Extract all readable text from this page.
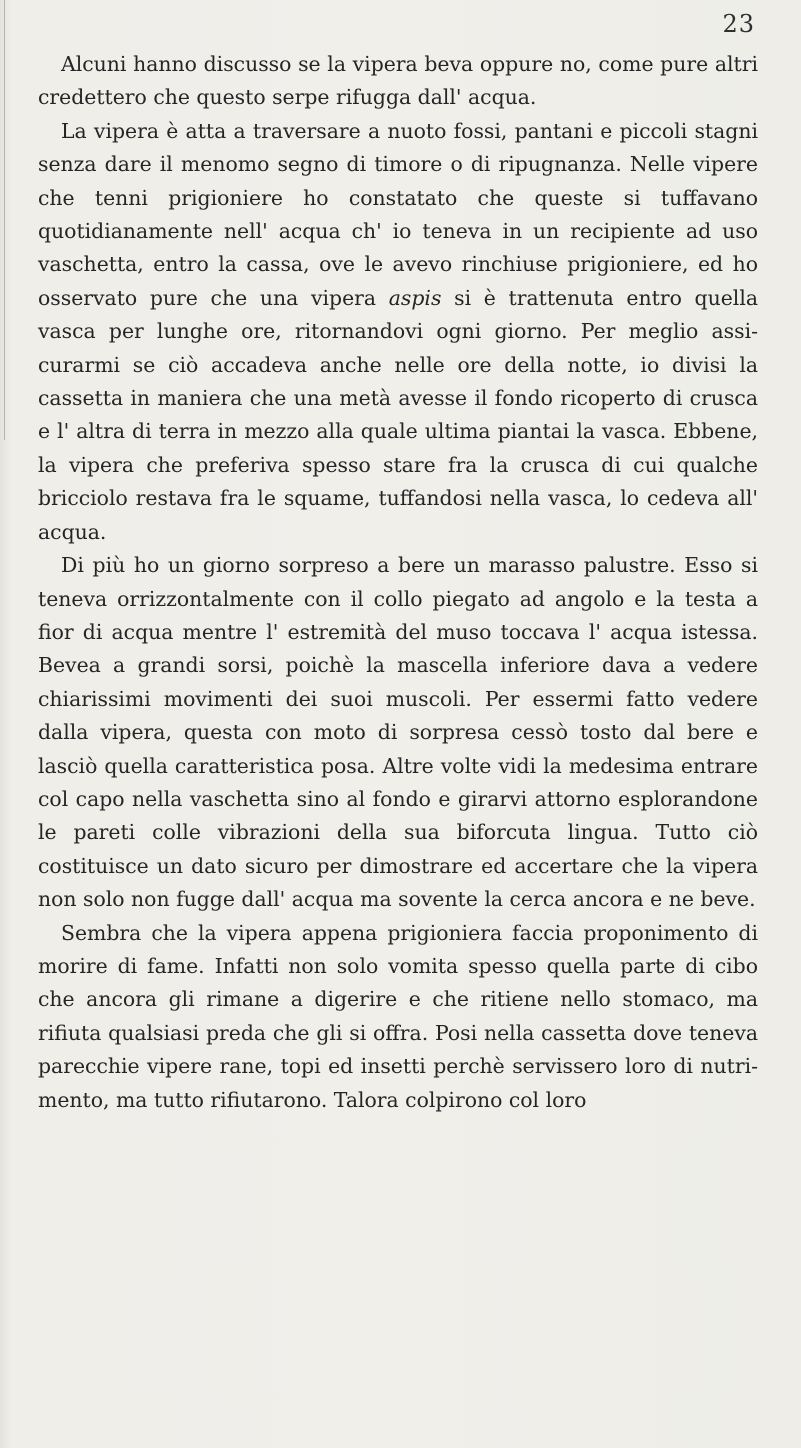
23

Alcuni hanno discusso se la vipera beva oppure no, come pure altri credettero che questo serpe rifugga dall' acqua.

La vipera è atta a traversare a nuoto fossi, pantani e piccoli stagni senza dare il menomo segno di timore o di ripugnanza. Nelle vipere che tenni prigioniere ho constatato che queste si tuffavano quotidianamente nell' acqua ch' io teneva in un recipiente ad uso vaschetta, entro la cassa, ove le avevo rinchiuse prigioniere, ed ho osservato pure che una vipera aspis si è trattenuta entro quella vasca per lunghe ore, ritornandovi ogni giorno. Per meglio assicurarmi se ciò accadeva anche nelle ore della notte, io divisi la cassetta in maniera che una metà avesse il fondo ricoperto di crusca e l' altra di terra in mezzo alla quale ultima piantai la vasca. Ebbene, la vipera che preferiva spesso stare fra la crusca di cui qualche bricciolo restava fra le squame, tuffandosi nella vasca, lo cedeva all' acqua.

Di più ho un giorno sorpreso a bere un marasso palustre. Esso si teneva orrizzontalmente con il collo piegato ad angolo e la testa a fior di acqua mentre l' estremità del muso toccava l' acqua istessa. Bevea a grandi sorsi, poichè la mascella inferiore dava a vedere chiarissimi movimenti dei suoi muscoli. Per essermi fatto vedere dalla vipera, questa con moto di sorpresa cessò tosto dal bere e lasciò quella caratteristica posa. Altre volte vidi la medesima entrare col capo nella vaschetta sino al fondo e girarvi attorno esplorandone le pareti colle vibrazioni della sua biforcuta lingua. Tutto ciò costituisce un dato sicuro per dimostrare ed accertare che la vipera non solo non fugge dall' acqua ma sovente la cerca ancora e ne beve.

Sembra che la vipera appena prigioniera faccia proponimento di morire di fame. Infatti non solo vomita spesso quella parte di cibo che ancora gli rimane a digerire e che ritiene nello stomaco, ma rifiuta qualsiasi preda che gli si offra. Posi nella cassetta dove teneva parecchie vipere rane, topi ed insetti perchè servissero loro di nutrimento, ma tutto rifiutarono. Talora colpirono col loro
